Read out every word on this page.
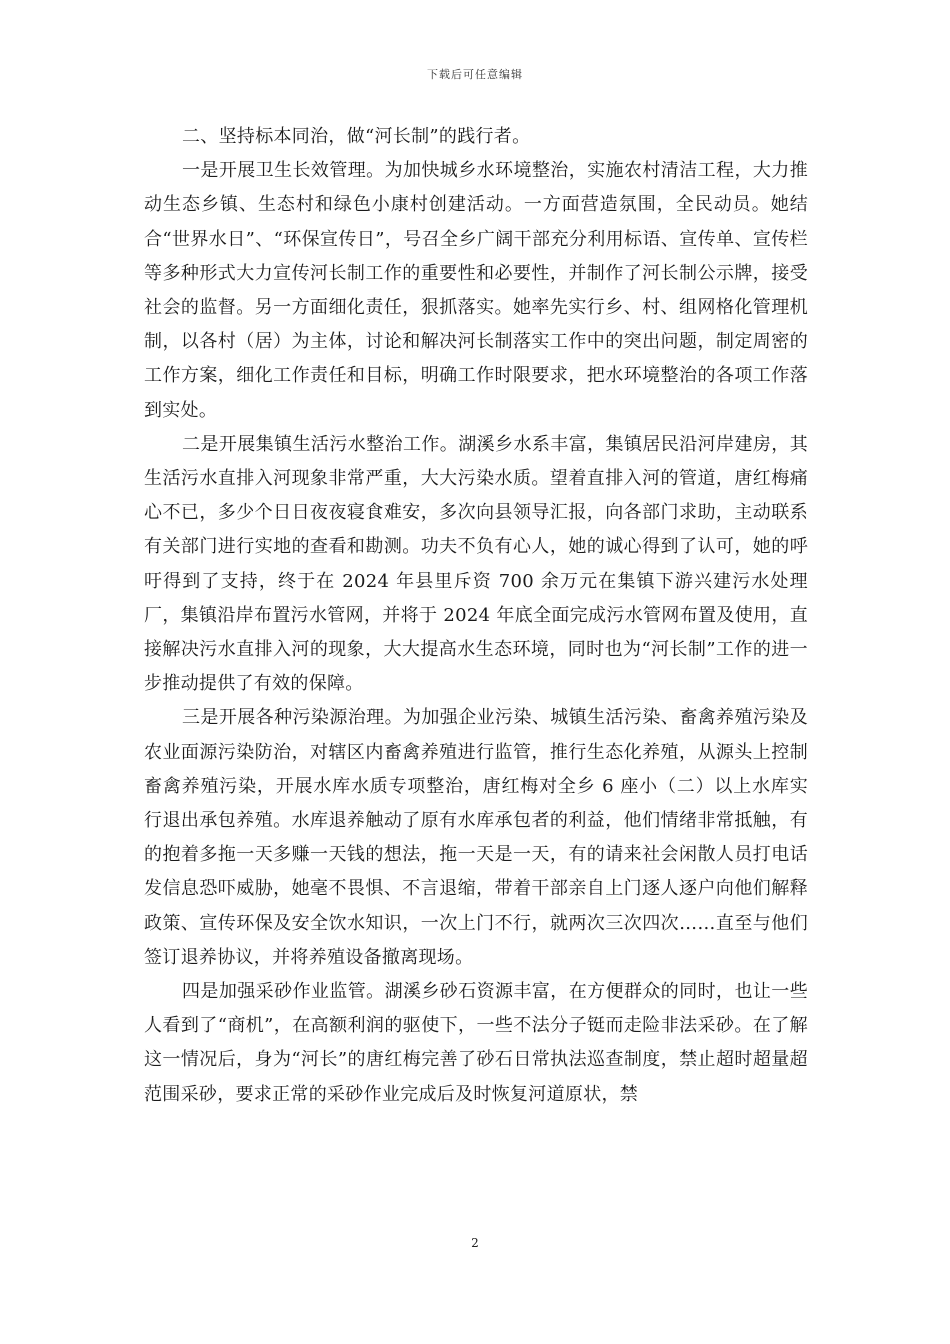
下载后可任意编辑

二、坚持标本同治，做“河长制”的践行者。

一是开展卫生长效管理。为加快城乡水环境整治，实施农村清洁工程，大力推动生态乡镇、生态村和绿色小康村创建活动。一方面营造氛围，全民动员。她结合“世界水日”、“环保宣传日”，号召全乡广阔干部充分利用标语、宣传单、宣传栏等多种形式大力宣传河长制工作的重要性和必要性，并制作了河长制公示牌，接受社会的监督。另一方面细化责任，狠抓落实。她率先实行乡、村、组网格化管理机制，以各村（居）为主体，讨论和解决河长制落实工作中的突出问题，制定周密的工作方案，细化工作责任和目标，明确工作时限要求，把水环境整治的各项工作落到实处。

二是开展集镇生活污水整治工作。湖溪乡水系丰富，集镇居民沿河岸建房，其生活污水直排入河现象非常严重，大大污染水质。望着直排入河的管道，唐红梅痛心不已，多少个日日夜夜寝食难安，多次向县领导汇报，向各部门求助，主动联系有关部门进行实地的查看和勘测。功夫不负有心人，她的诚心得到了认可，她的呼吁得到了支持，终于在 2024 年县里斥资 700 余万元在集镇下游兴建污水处理厂，集镇沿岸布置污水管网，并将于 2024 年底全面完成污水管网布置及使用，直接解决污水直排入河的现象，大大提高水生态环境，同时也为“河长制”工作的进一步推动提供了有效的保障。

三是开展各种污染源治理。为加强企业污染、城镇生活污染、畜禽养殖污染及农业面源污染防治，对辖区内畜禽养殖进行监管，推行生态化养殖，从源头上控制畜禽养殖污染，开展水库水质专项整治，唐红梅对全乡 6 座小（二）以上水库实行退出承包养殖。水库退养触动了原有水库承包者的利益，他们情绪非常抵触，有的抱着多拖一天多赚一天钱的想法，拖一天是一天，有的请来社会闲散人员打电话发信息恐吓威胁，她毫不畏惧、不言退缩，带着干部亲自上门逐人逐户向他们解释政策、宣传环保及安全饮水知识，一次上门不行，就两次三次四次……直至与他们签订退养协议，并将养殖设备撤离现场。

四是加强采砂作业监管。湖溪乡砂石资源丰富，在方便群众的同时，也让一些人看到了“商机”，在高额利润的驱使下，一些不法分子铤而走险非法采砂。在了解这一情况后，身为“河长”的唐红梅完善了砂石日常执法巡查制度，禁止超时超量超范围采砂，要求正常的采砂作业完成后及时恢复河道原状，禁

2
